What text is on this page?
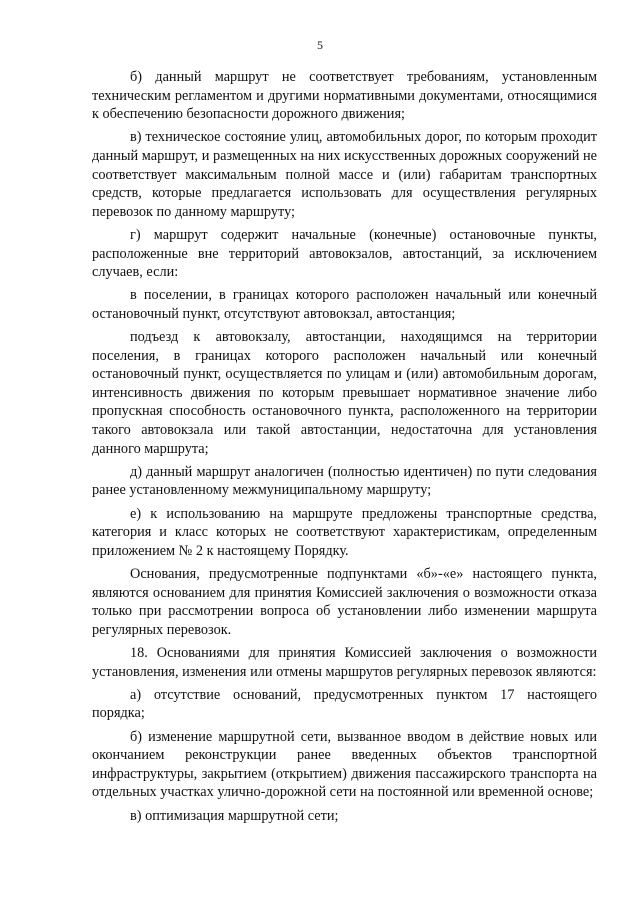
5

б) данный маршрут не соответствует требованиям, установленным техническим регламентом и другими нормативными документами, относящимися к обеспечению безопасности дорожного движения;

в) техническое состояние улиц, автомобильных дорог, по которым проходит данный маршрут, и размещенных на них искусственных дорожных сооружений не соответствует максимальным полной массе и (или) габаритам транспортных средств, которые предлагается использовать для осуществления регулярных перевозок по данному маршруту;

г) маршрут содержит начальные (конечные) остановочные пункты, расположенные вне территорий автовокзалов, автостанций, за исключением случаев, если:

в поселении, в границах которого расположен начальный или конечный остановочный пункт, отсутствуют автовокзал, автостанция;

подъезд к автовокзалу, автостанции, находящимся на территории поселения, в границах которого расположен начальный или конечный остановочный пункт, осуществляется по улицам и (или) автомобильным дорогам, интенсивность движения по которым превышает нормативное значение либо пропускная способность остановочного пункта, расположенного на территории такого автовокзала или такой автостанции, недостаточна для установления данного маршрута;

д) данный маршрут аналогичен (полностью идентичен) по пути следования ранее установленному межмуниципальному маршруту;

е) к использованию на маршруте предложены транспортные средства, категория и класс которых не соответствуют характеристикам, определенным приложением № 2 к настоящему Порядку.

Основания, предусмотренные подпунктами «б»-«е» настоящего пункта, являются основанием для принятия Комиссией заключения о возможности отказа только при рассмотрении вопроса об установлении либо изменении маршрута регулярных перевозок.

18. Основаниями для принятия Комиссией заключения о возможности установления, изменения или отмены маршрутов регулярных перевозок являются:

а) отсутствие оснований, предусмотренных пунктом 17 настоящего порядка;

б) изменение маршрутной сети, вызванное вводом в действие новых или окончанием реконструкции ранее введенных объектов транспортной инфраструктуры, закрытием (открытием) движения пассажирского транспорта на отдельных участках улично-дорожной сети на постоянной или временной основе;

в) оптимизация маршрутной сети;
